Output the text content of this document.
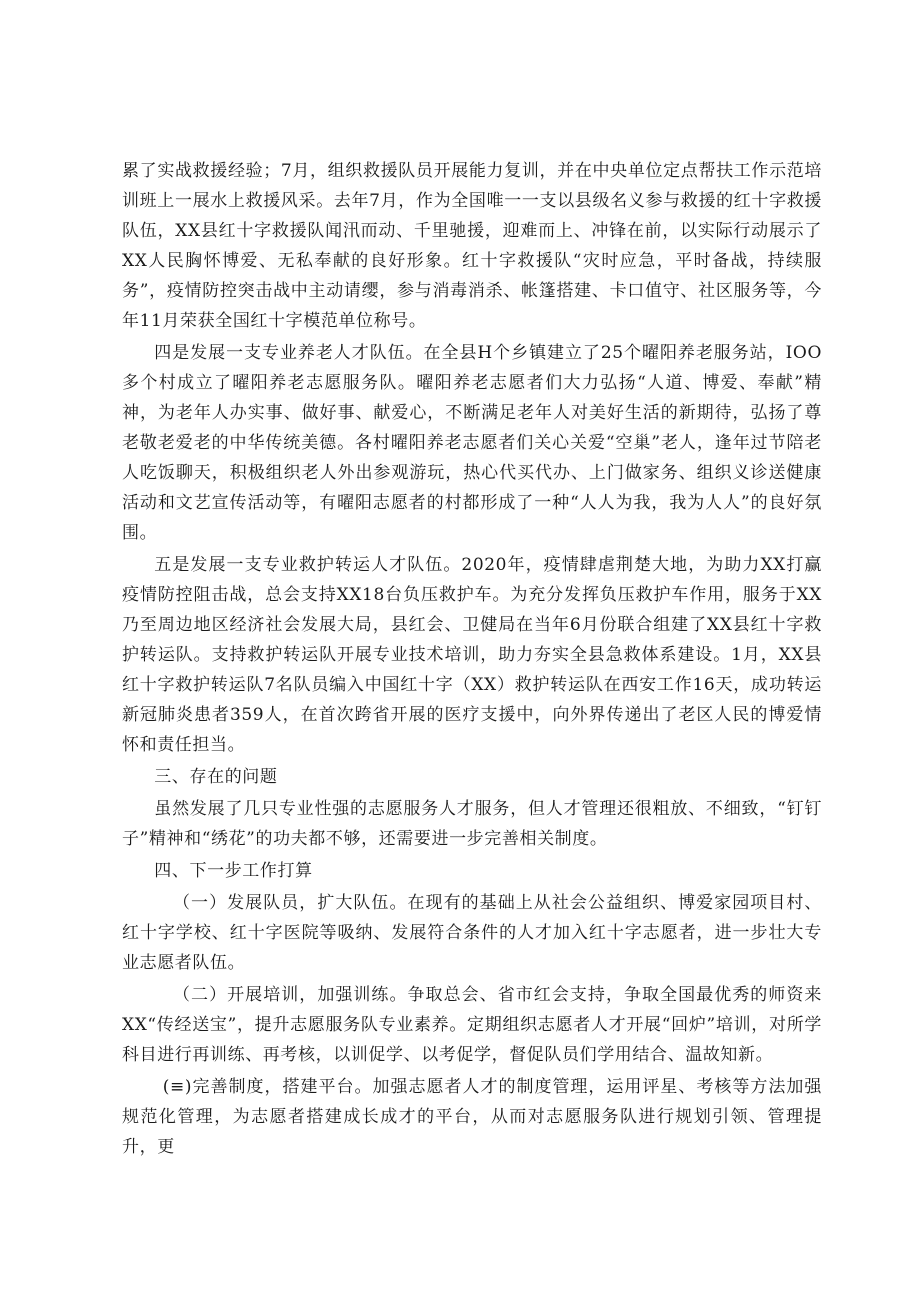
累了实战救援经验；7月，组织救援队员开展能力复训，并在中央单位定点帮扶工作示范培训班上一展水上救援风采。去年7月，作为全国唯一一支以县级名义参与救援的红十字救援队伍，XX县红十字救援队闻汛而动、千里驰援，迎难而上、冲锋在前，以实际行动展示了XX人民胸怀博爱、无私奉献的良好形象。红十字救援队“灾时应急，平时备战，持续服务”，疫情防控突击战中主动请缨，参与消毒消杀、帐篷搭建、卡口值守、社区服务等，今年11月荣获全国红十字模范单位称号。

四是发展一支专业养老人才队伍。在全县H个乡镇建立了25个曜阳养老服务站，IOO多个村成立了曜阳养老志愿服务队。曜阳养老志愿者们大力弘扬“人道、博爱、奉献”精神，为老年人办实事、做好事、献爱心，不断满足老年人对美好生活的新期待，弘扬了尊老敬老爱老的中华传统美德。各村曜阳养老志愿者们关心关爱“空巢”老人，逢年过节陪老人吃饭聊天，积极组织老人外出参观游玩，热心代买代办、上门做家务、组织义诊送健康活动和文艺宣传活动等，有曜阳志愿者的村都形成了一种“人人为我，我为人人”的良好氛围。

五是发展一支专业救护转运人才队伍。2020年，疫情肆虐荆楚大地，为助力XX打赢疫情防控阻击战，总会支持XX18台负压救护车。为充分发挥负压救护车作用，服务于XX乃至周边地区经济社会发展大局，县红会、卫健局在当年6月份联合组建了XX县红十字救护转运队。支持救护转运队开展专业技术培训，助力夯实全县急救体系建设。1月，XX县红十字救护转运队7名队员编入中国红十字（XX）救护转运队在西安工作16天，成功转运新冠肺炎患者359人，在首次跨省开展的医疗支援中，向外界传递出了老区人民的博爱情怀和责任担当。

三、存在的问题

虽然发展了几只专业性强的志愿服务人才服务，但人才管理还很粗放、不细致，“钉钉子”精神和“绣花”的功夫都不够，还需要进一步完善相关制度。

四、下一步工作打算

（一）发展队员，扩大队伍。在现有的基础上从社会公益组织、博爱家园项目村、红十字学校、红十字医院等吸纳、发展符合条件的人才加入红十字志愿者，进一步壮大专业志愿者队伍。

（二）开展培训，加强训练。争取总会、省市红会支持，争取全国最优秀的师资来XX“传经送宝”，提升志愿服务队专业素养。定期组织志愿者人才开展“回炉”培训，对所学科目进行再训练、再考核，以训促学、以考促学，督促队员们学用结合、温故知新。

(≡)完善制度，搭建平台。加强志愿者人才的制度管理，运用评星、考核等方法加强规范化管理，为志愿者搭建成长成才的平台，从而对志愿服务队进行规划引领、管理提升，更
